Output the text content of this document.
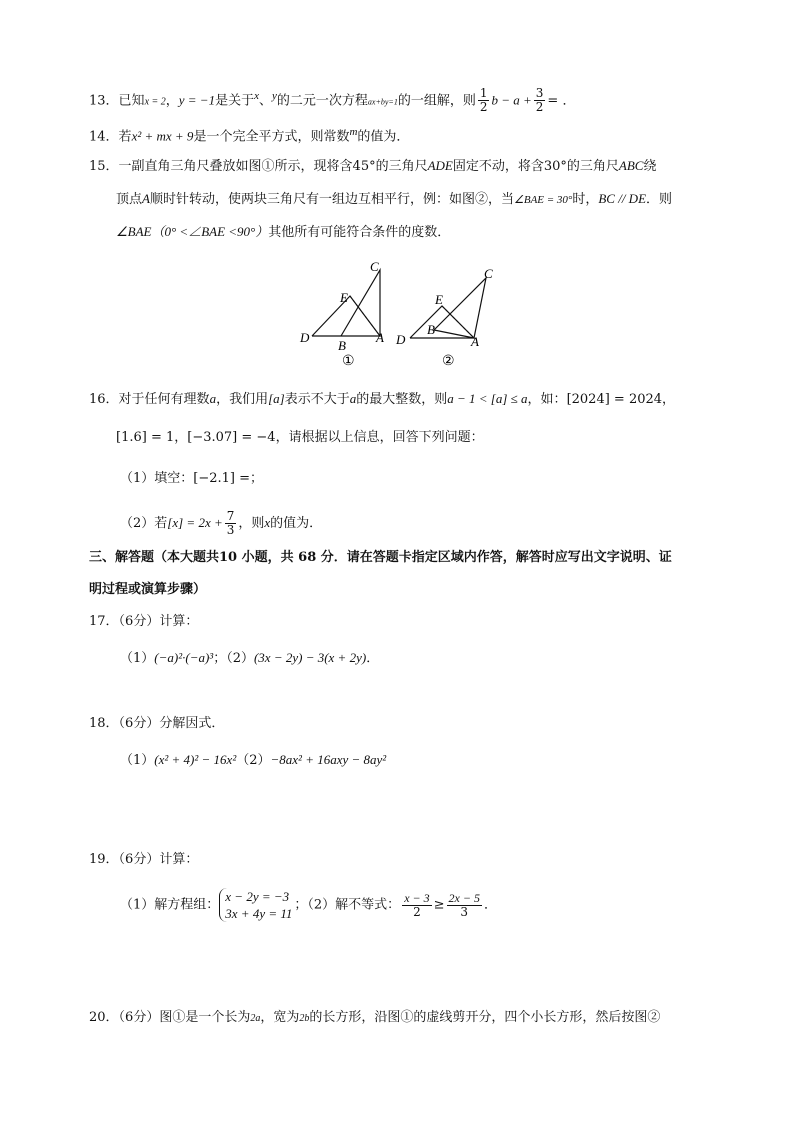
13．已知x = 2，y = −1是关于$^x$、$^y$的二元一次方程ax+by=1的一组解，则 $\frac{1}{2}$ $b - a + \frac{3}{2}$ = ．
14．若x² + mx + 9是一个完全平方式，则常数$^m$的值为．
15．一副直角三角尺叠放如图①所示，现将含45°的三角尺ADE固定不动，将含30°的三角尺ABC绕
顶点A顺时针转动，使两块三角尺有一组边互相平行，例：如图②，当∠BAE = 30°时，BC // DE．则
∠BAE（0° <∠BAE <90°）其他所有可能符合条件的度数．
C
E
D
B
A
①
C
E
D
B
A
②
16．对于任何有理数a，我们用[a]表示不大于a的最大整数，则a − 1 < [a] ≤ a，如：[2024] = 2024，
[1.6] = 1，[−3.07] = −4，请根据以上信息，回答下列问题：
（1）填空：[−2.1] =；
（2）若$[x] = 2x + \frac{7}{3}$ ，则x的值为．
三、解答题（本大题共10 小题，共 68 分．请在答题卡指定区域内作答，解答时应写出文字说明、证
明过程或演算步骤）
17．（6分）计算：
（1）(−a)²·(−a)³；（2）(3x − 2y) − 3(x + 2y)．
18．（6分）分解因式．
（1）(x² + 4)² − 16x²（2）−8ax² + 16axy − 8ay²
19．（6分）计算：
（1）解方程组：
x − 2y = −3
3x + 4y = 11
；（2）解不等式： $\frac{x - 3}{2} \ge \frac{2x - 5}{3}$ ．
20．（6分）图①是一个长为2a，宽为2b的长方形，沿图①的虚线剪开分，四个小长方形，然后按图②
